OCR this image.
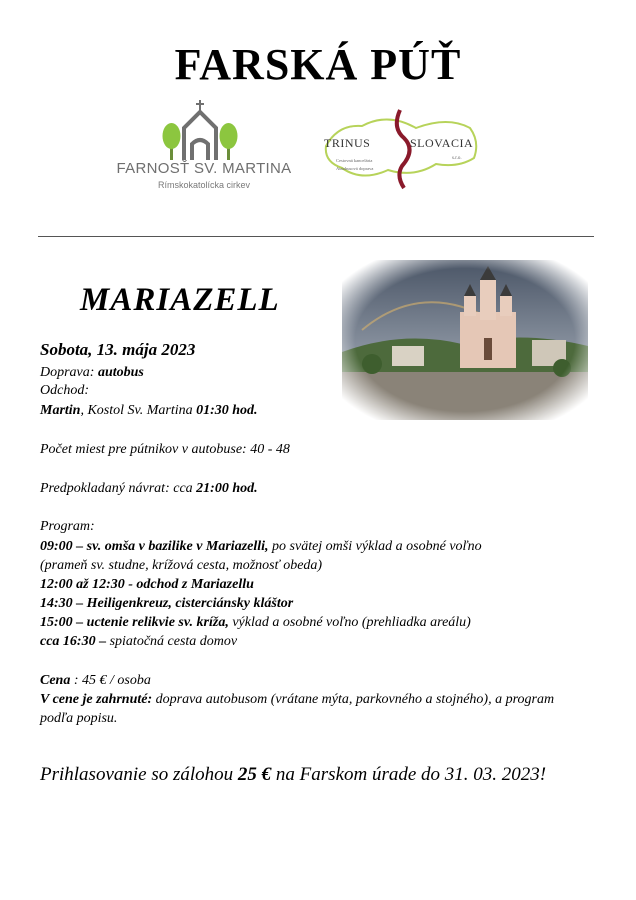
FARSKÁ PÚŤ
FARNOSŤ SV. MARTINA
Rímskokatolícka cirkev
TRINUS	SLOVACIA
Cestovná kancelária
Autobusová doprava
s.r.o.
MARIAZELL
Sobota, 13. mája 2023
Doprava: autobus
Odchod:
Martin, Kostol Sv. Martina 01:30 hod.
Počet miest pre pútnikov v autobuse: 40 - 48
Predpokladaný návrat: cca 21:00 hod.
Program:
09:00 – sv. omša v bazilike v Mariazelli, po svätej omši výklad a osobné voľno
(prameň sv. studne, krížová cesta, možnosť obeda)
12:00 až 12:30 - odchod z Mariazellu
14:30 – Heiligenkreuz, cisterciánsky kláštor
15:00 – uctenie relikvie sv. kríža, výklad a osobné voľno (prehliadka areálu)
cca 16:30 – spiatočná cesta domov
Cena : 45 € / osoba
V cene je zahrnuté: doprava autobusom (vrátane mýta, parkovného a stojného), a program
podľa popisu.
Prihlasovanie so zálohou 25 € na Farskom úrade do 31. 03. 2023!
